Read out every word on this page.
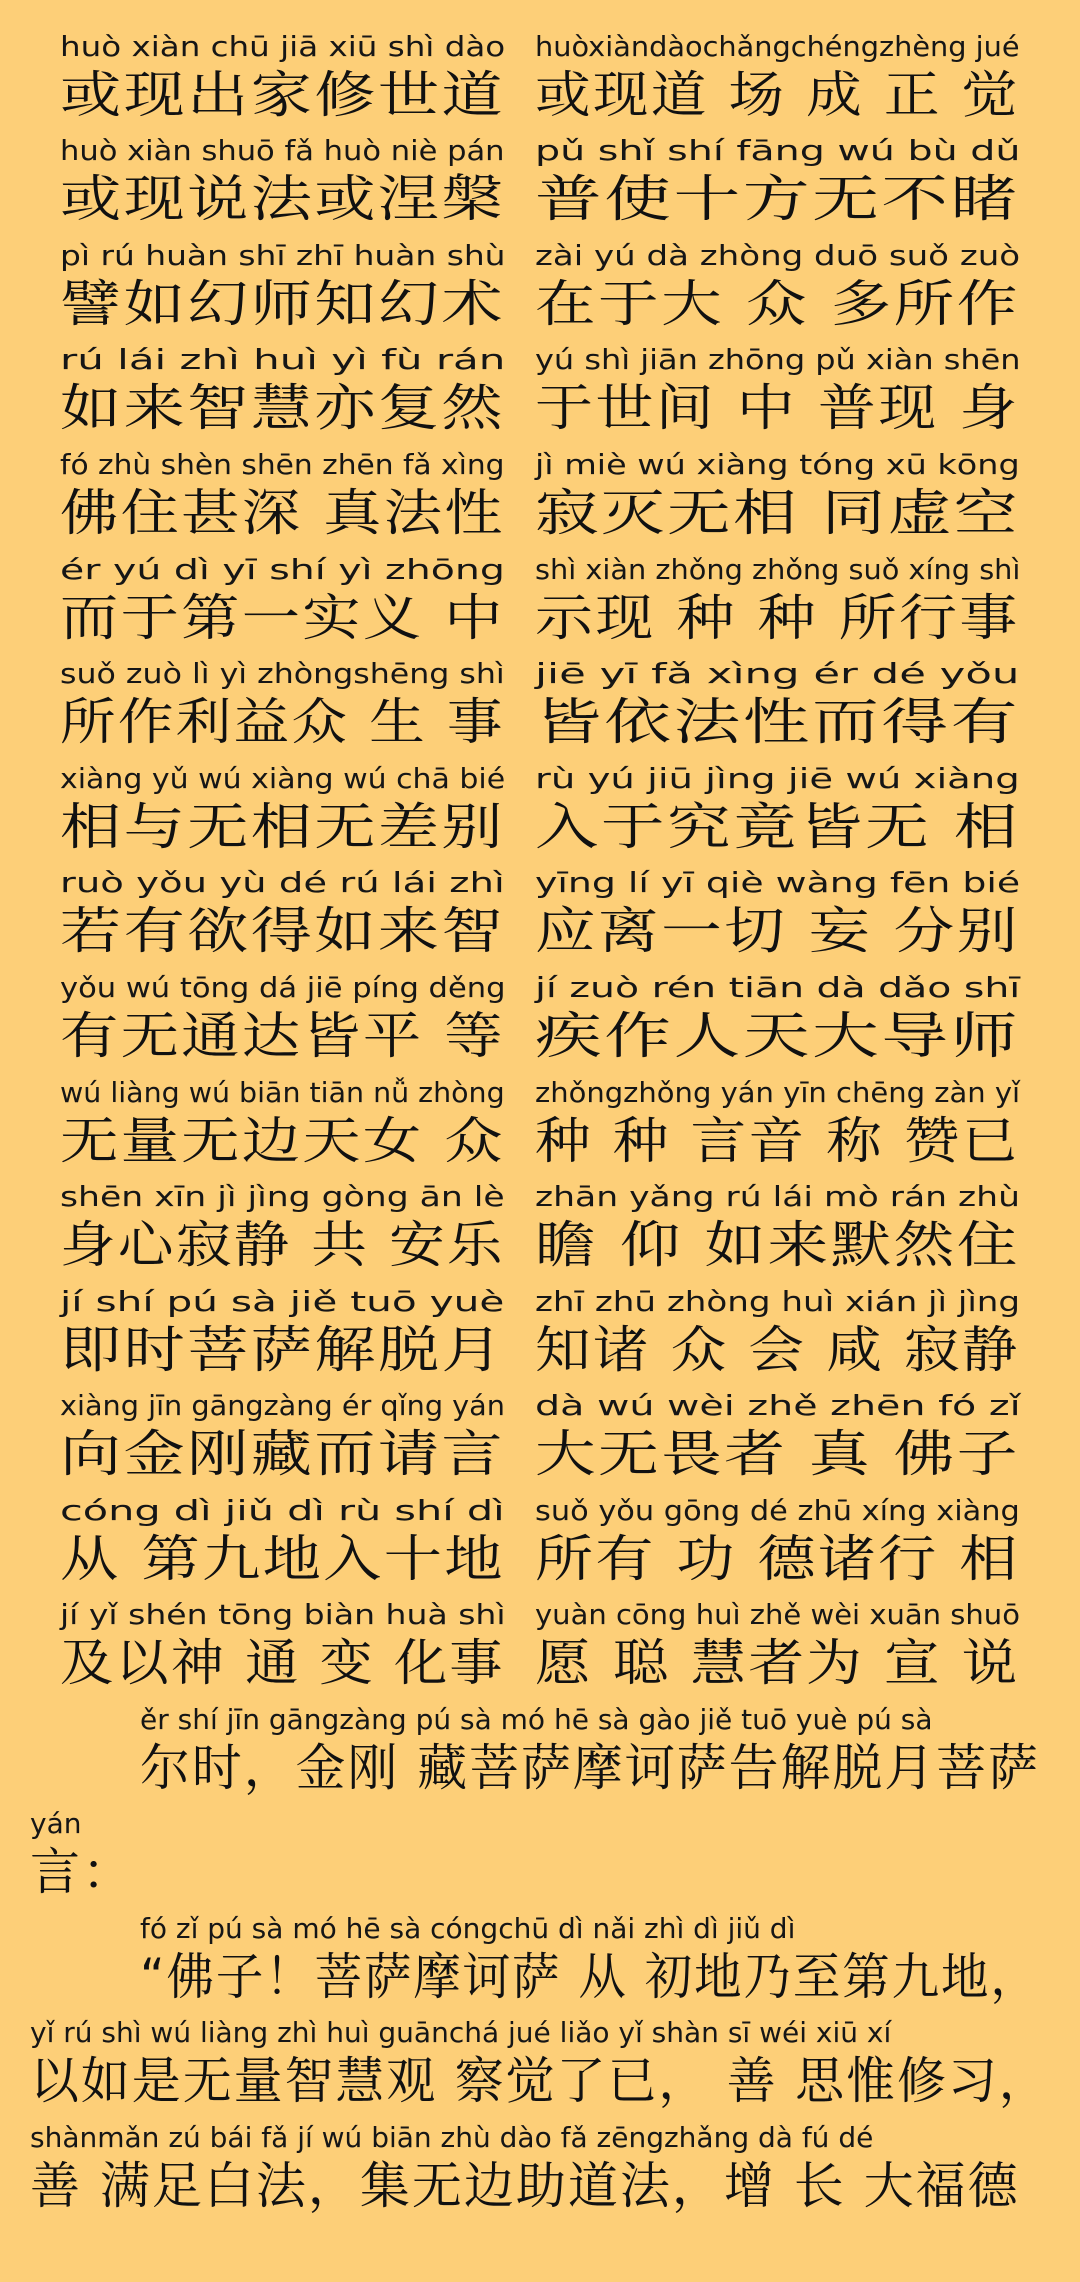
huò xiàn chū jiā xiū shì dào
或现出家修世道
huòxiàndàochǎngchéngzhèng jué
或现道 场 成 正 觉
huò xiàn shuō fǎ huò niè pán
或现说法或涅槃
pǔ shǐ shí fāng wú bù dǔ
普使十方无不睹
pì rú huàn shī zhī huàn shù
譬如幻师知幻术
zài yú dà zhòng duō suǒ zuò
在于大 众 多所作
rú lái zhì huì yì fù rán
如来智慧亦复然
yú shì jiān zhōng pǔ xiàn shēn
于世间 中 普现 身
fó zhù shèn shēn zhēn fǎ xìng
佛住甚深 真法性
jì miè wú xiàng tóng xū kōng
寂灭无相 同虚空
ér yú dì yī shí yì zhōng
而于第一实义 中
shì xiàn zhǒng zhǒng suǒ xíng shì
示现 种 种 所行事
suǒ zuò lì yì zhòngshēng shì
所作利益众 生 事
jiē yī fǎ xìng ér dé yǒu
皆依法性而得有
xiàng yǔ wú xiàng wú chā bié
相与无相无差别
rù yú jiū jìng jiē wú xiàng
入于究竟皆无 相
ruò yǒu yù dé rú lái zhì
若有欲得如来智
yīng lí yī qiè wàng fēn bié
应离一切 妄 分别
yǒu wú tōng dá jiē píng děng
有无通达皆平 等
jí zuò rén tiān dà dǎo shī
疾作人天大导师
wú liàng wú biān tiān nǚ zhòng
无量无边天女 众
zhǒngzhǒng yán yīn chēng zàn yǐ
种 种 言音 称 赞已
shēn xīn jì jìng gòng ān lè
身心寂静 共 安乐
zhān yǎng rú lái mò rán zhù
瞻 仰 如来默然住
jí shí pú sà jiě tuō yuè
即时菩萨解脱月
zhī zhū zhòng huì xián jì jìng
知诸 众 会 咸 寂静
xiàng jīn gāngzàng ér qǐng yán
向金刚藏而请言
dà wú wèi zhě zhēn fó zǐ
大无畏者 真 佛子
cóng dì jiǔ dì rù shí dì
从 第九地入十地
suǒ yǒu gōng dé zhū xíng xiàng
所有 功 德诸行 相
jí yǐ shén tōng biàn huà shì
及以神 通 变 化事
yuàn cōng huì zhě wèi xuān shuō
愿 聪 慧者为 宣 说
ěr shí jīn gāngzàng pú sà mó hē sà gào jiě tuō yuè pú sà
尔时，金刚 藏菩萨摩诃萨告解脱月菩萨
yán
言：
fó zǐ pú sà mó hē sà cóngchū dì nǎi zhì dì jiǔ dì
“佛子！菩萨摩诃萨 从 初地乃至第九地，
yǐ rú shì wú liàng zhì huì guānchá jué liǎo yǐ shàn sī wéi xiū xí
以如是无量智慧观 察觉了已， 善 思惟修习，
shànmǎn zú bái fǎ jí wú biān zhù dào fǎ zēngzhǎng dà fú dé
善 满足白法，集无边助道法，增 长 大福德
